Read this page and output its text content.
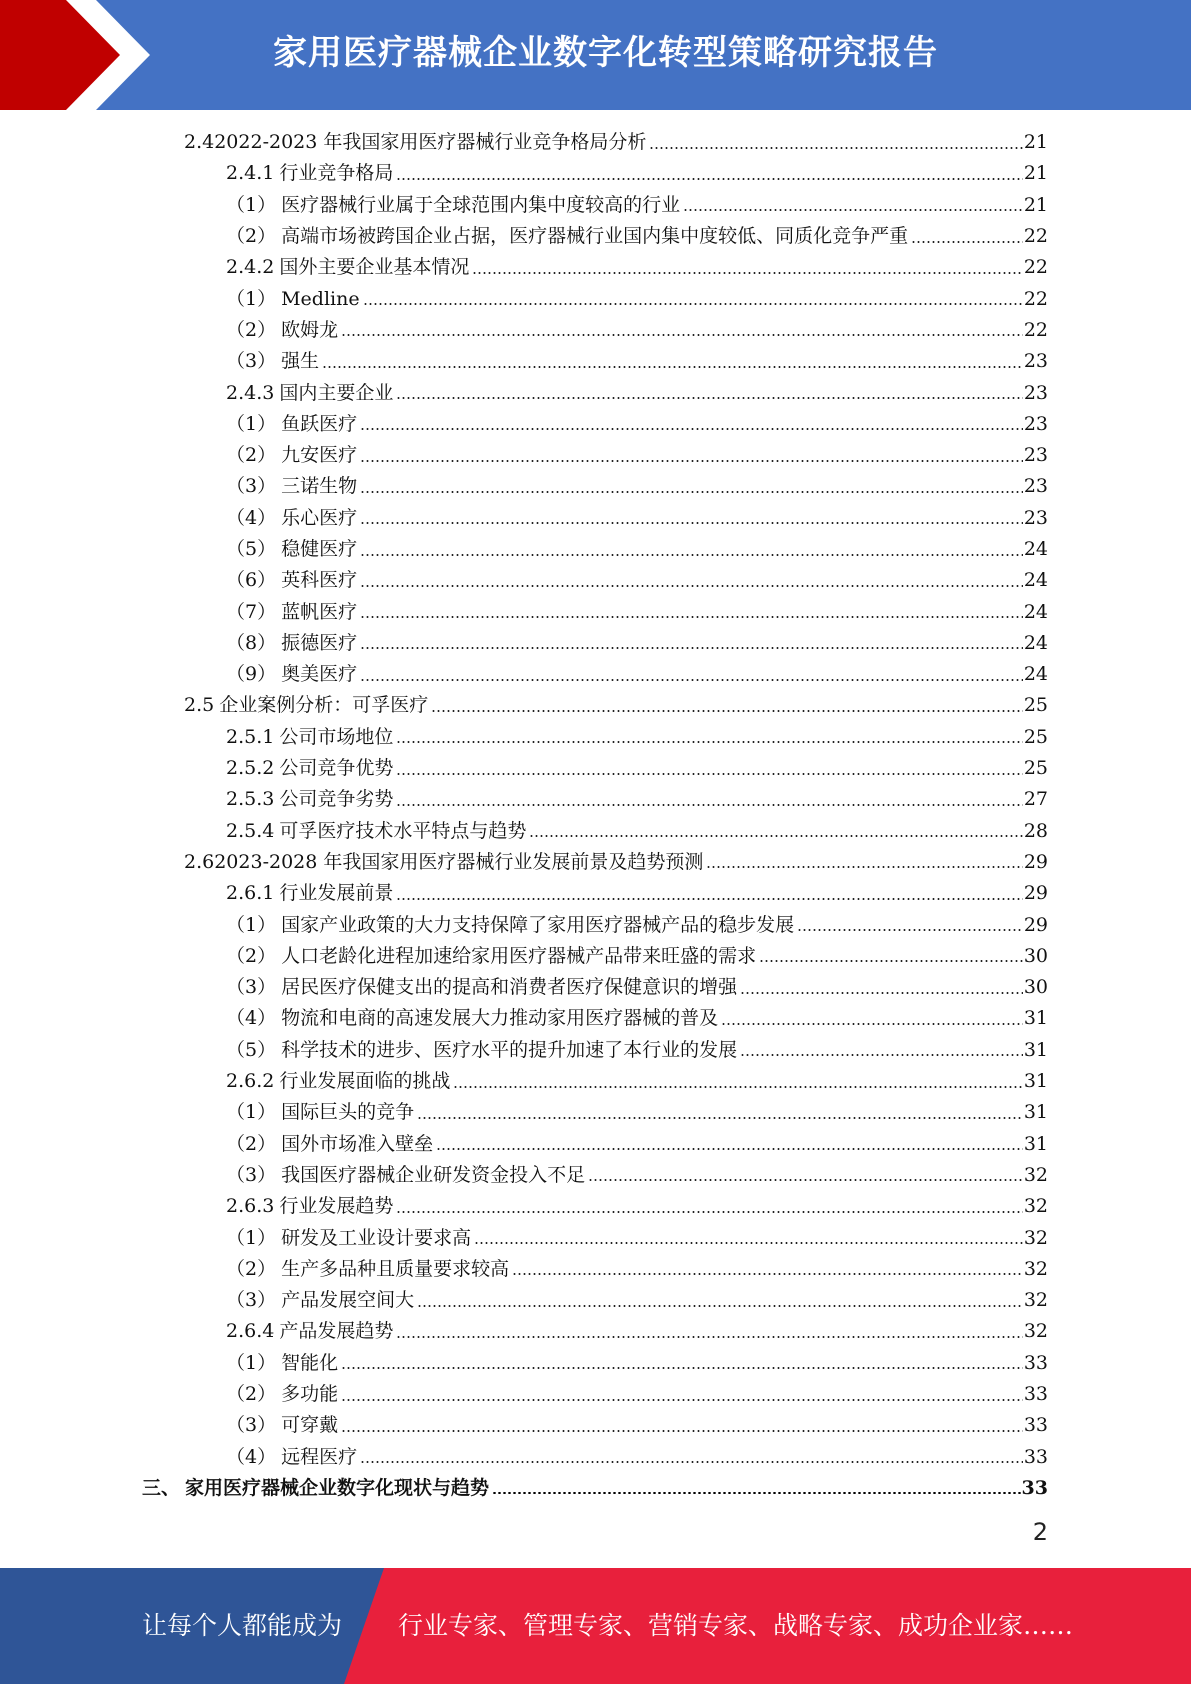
家用医疗器械企业数字化转型策略研究报告
2.4 2022-2023 年我国家用医疗器械行业竞争格局分析	21
2.4.1 行业竞争格局	21
（1） 医疗器械行业属于全球范围内集中度较高的行业	21
（2） 高端市场被跨国企业占据，医疗器械行业国内集中度较低、同质化竞争严重	22
2.4.2 国外主要企业基本情况	22
（1） Medline	22
（2） 欧姆龙	22
（3） 强生	23
2.4.3 国内主要企业	23
（1） 鱼跃医疗	23
（2） 九安医疗	23
（3） 三诺生物	23
（4） 乐心医疗	23
（5） 稳健医疗	24
（6） 英科医疗	24
（7） 蓝帆医疗	24
（8） 振德医疗	24
（9） 奥美医疗	24
2.5 企业案例分析：可孚医疗	25
2.5.1 公司市场地位	25
2.5.2 公司竞争优势	25
2.5.3 公司竞争劣势	27
2.5.4 可孚医疗技术水平特点与趋势	28
2.6 2023-2028 年我国家用医疗器械行业发展前景及趋势预测	29
2.6.1 行业发展前景	29
（1） 国家产业政策的大力支持保障了家用医疗器械产品的稳步发展	29
（2） 人口老龄化进程加速给家用医疗器械产品带来旺盛的需求	30
（3） 居民医疗保健支出的提高和消费者医疗保健意识的增强	30
（4） 物流和电商的高速发展大力推动家用医疗器械的普及	31
（5） 科学技术的进步、医疗水平的提升加速了本行业的发展	31
2.6.2 行业发展面临的挑战	31
（1） 国际巨头的竞争	31
（2） 国外市场准入壁垒	31
（3） 我国医疗器械企业研发资金投入不足	32
2.6.3 行业发展趋势	32
（1） 研发及工业设计要求高	32
（2） 生产多品种且质量要求较高	32
（3） 产品发展空间大	32
2.6.4 产品发展趋势	32
（1） 智能化	33
（2） 多功能	33
（3） 可穿戴	33
（4） 远程医疗	33
三、 家用医疗器械企业数字化现状与趋势	33
2
让每个人都能成为 行业专家、管理专家、营销专家、战略专家、成功企业家……
